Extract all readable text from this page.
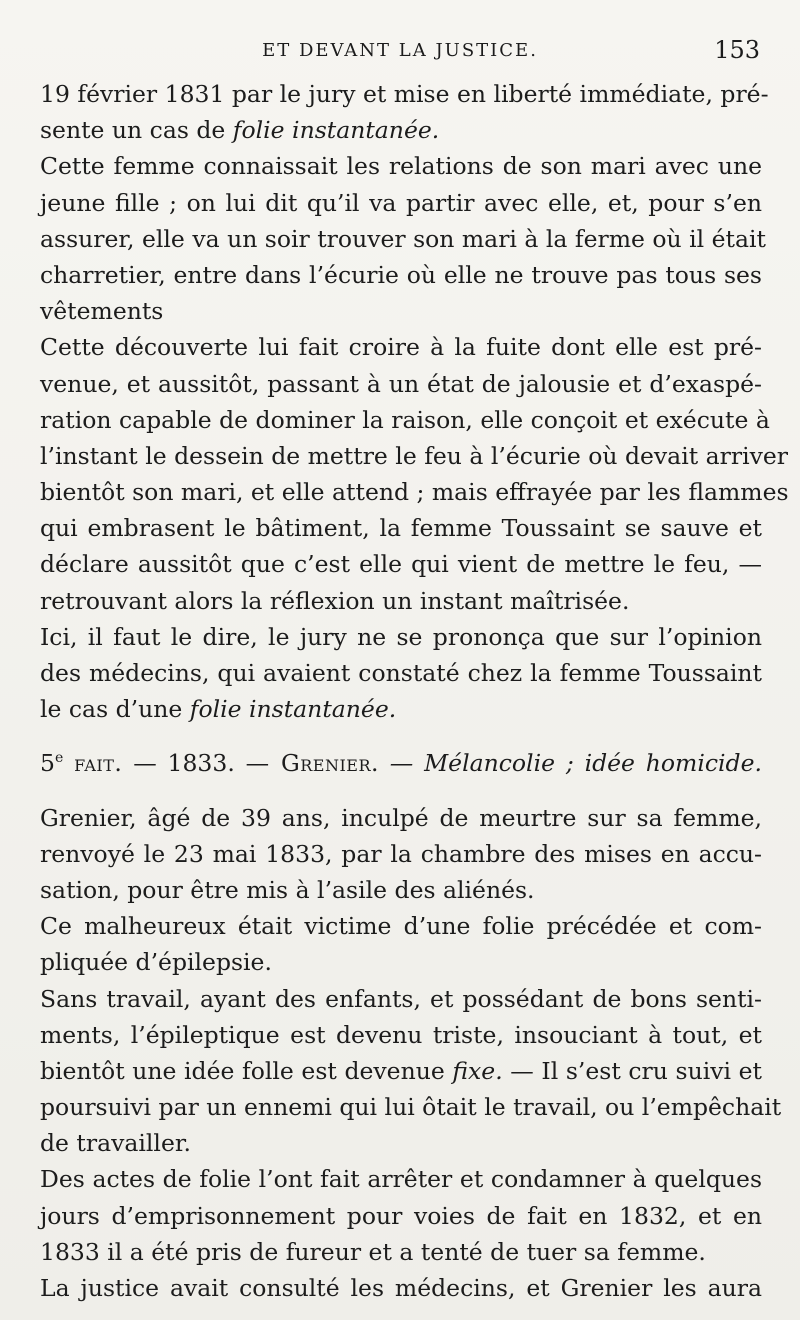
ET DEVANT LA JUSTICE.	153
19 février 1831 par le jury et mise en liberté immédiate, pré-
sente un cas de folie instantanée.
Cette femme connaissait les relations de son mari avec une
jeune fille ; on lui dit qu’il va partir avec elle, et, pour s’en
assurer, elle va un soir trouver son mari à la ferme où il était
charretier, entre dans l’écurie où elle ne trouve pas tous ses
vêtements
Cette découverte lui fait croire à la fuite dont elle est pré-
venue, et aussitôt, passant à un état de jalousie et d’exaspé-
ration capable de dominer la raison, elle conçoit et exécute à
l’instant le dessein de mettre le feu à l’écurie où devait arriver
bientôt son mari, et elle attend ; mais effrayée par les flammes
qui embrasent le bâtiment, la femme Toussaint se sauve et
déclare aussitôt que c’est elle qui vient de mettre le feu, —
retrouvant alors la réflexion un instant maîtrisée.
Ici, il faut le dire, le jury ne se prononça que sur l’opinion
des médecins, qui avaient constaté chez la femme Toussaint
le cas d’une folie instantanée.
5e fait. — 1833. — Grenier. — Mélancolie ; idée homicide.
Grenier, âgé de 39 ans, inculpé de meurtre sur sa femme,
renvoyé le 23 mai 1833, par la chambre des mises en accu-
sation, pour être mis à l’asile des aliénés.
Ce malheureux était victime d’une folie précédée et com-
pliquée d’épilepsie.
Sans travail, ayant des enfants, et possédant de bons senti-
ments, l’épileptique est devenu triste, insouciant à tout, et
bientôt une idée folle est devenue fixe. — Il s’est cru suivi et
poursuivi par un ennemi qui lui ôtait le travail, ou l’empêchait
de travailler.
Des actes de folie l’ont fait arrêter et condamner à quelques
jours d’emprisonnement pour voies de fait en 1832, et en
1833 il a été pris de fureur et a tenté de tuer sa femme.
La justice avait consulté les médecins, et Grenier les aura
